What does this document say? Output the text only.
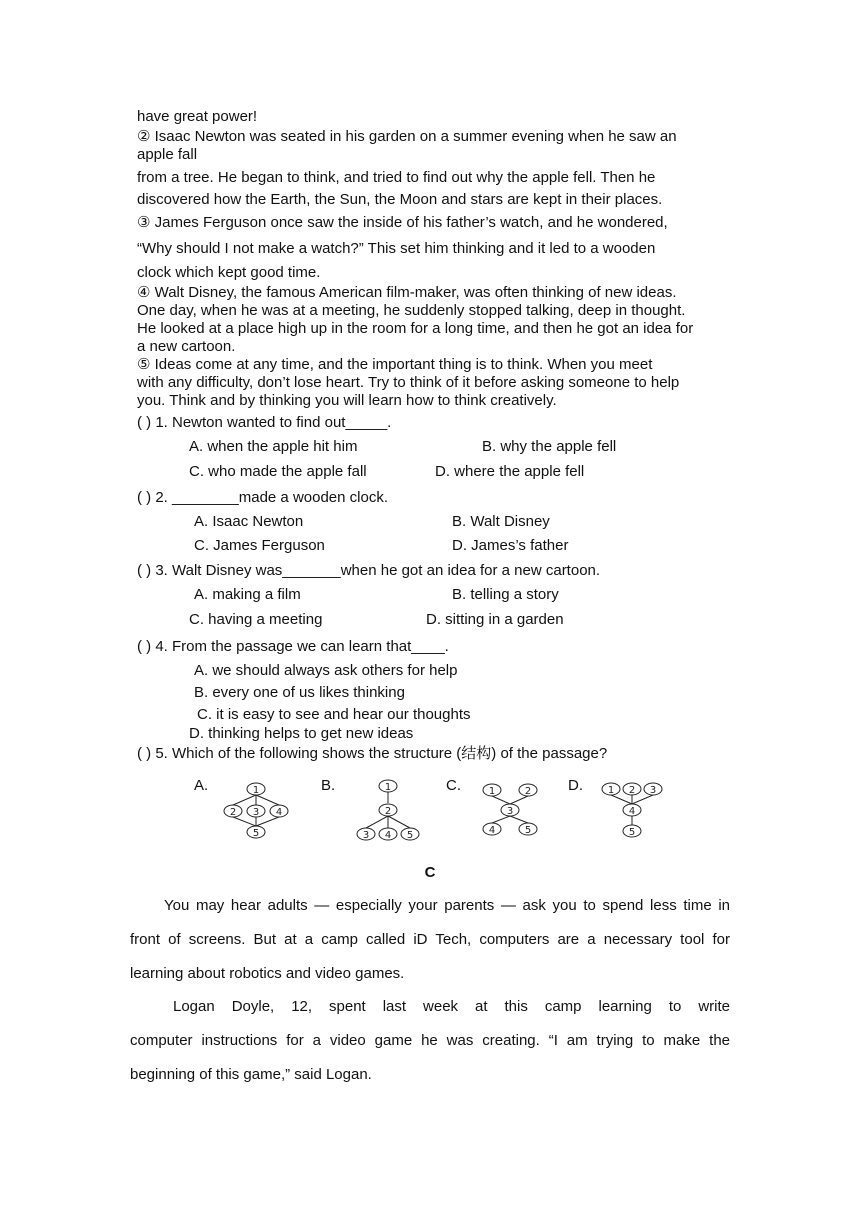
have great power!
② Isaac Newton was seated in his garden on a summer evening when he saw an
apple fall
from a tree. He began to think, and tried to find out why the apple fell. Then he
discovered how the Earth, the Sun, the Moon and stars are kept in their places.
③ James Ferguson once saw the inside of his father’s watch, and he wondered,
“Why should I not make a watch?” This set him thinking and it led to a wooden
clock which kept good time.
④ Walt Disney, the famous American film-maker, was often thinking of new ideas.
One day, when he was at a meeting, he suddenly stopped talking, deep in thought.
He looked at a place high up in the room for a long time, and then he got an idea for
a new cartoon.
⑤ Ideas come at any time, and the important thing is to think. When you meet
with any difficulty, don’t lose heart. Try to think of it before asking someone to help
you. Think and by thinking you will learn how to think creatively.
( ) 1. Newton wanted to find out_____.
A. when the apple hit him	B. why the apple fell
C. who made the apple fall	D. where the apple fell
( ) 2. ________made a wooden clock.
A. Isaac Newton	B. Walt Disney
C. James Ferguson	D. James’s father
( ) 3. Walt Disney was_______when he got an idea for a new cartoon.
A. making a film	B. telling a story
C. having a meeting	D. sitting in a garden
( ) 4. From the passage we can learn that____.
A. we should always ask others for help
B. every one of us likes thinking
C. it is easy to see and hear our thoughts
D. thinking helps to get new ideas
( ) 5. Which of the following shows the structure (结构) of the passage?
A.	B.	C.	D.
1
2 3 4
5
1
2
3 4 5
1	2
3
4	5
1 2 3
4
5
C
You may hear adults — especially your parents — ask you to spend less time in
front of screens. But at a camp called iD Tech, computers are a necessary tool for
learning about robotics and video games.
Logan Doyle, 12, spent last week at this camp learning to write
computer instructions for a video game he was creating. “I am trying to make the
beginning of this game,” said Logan.
